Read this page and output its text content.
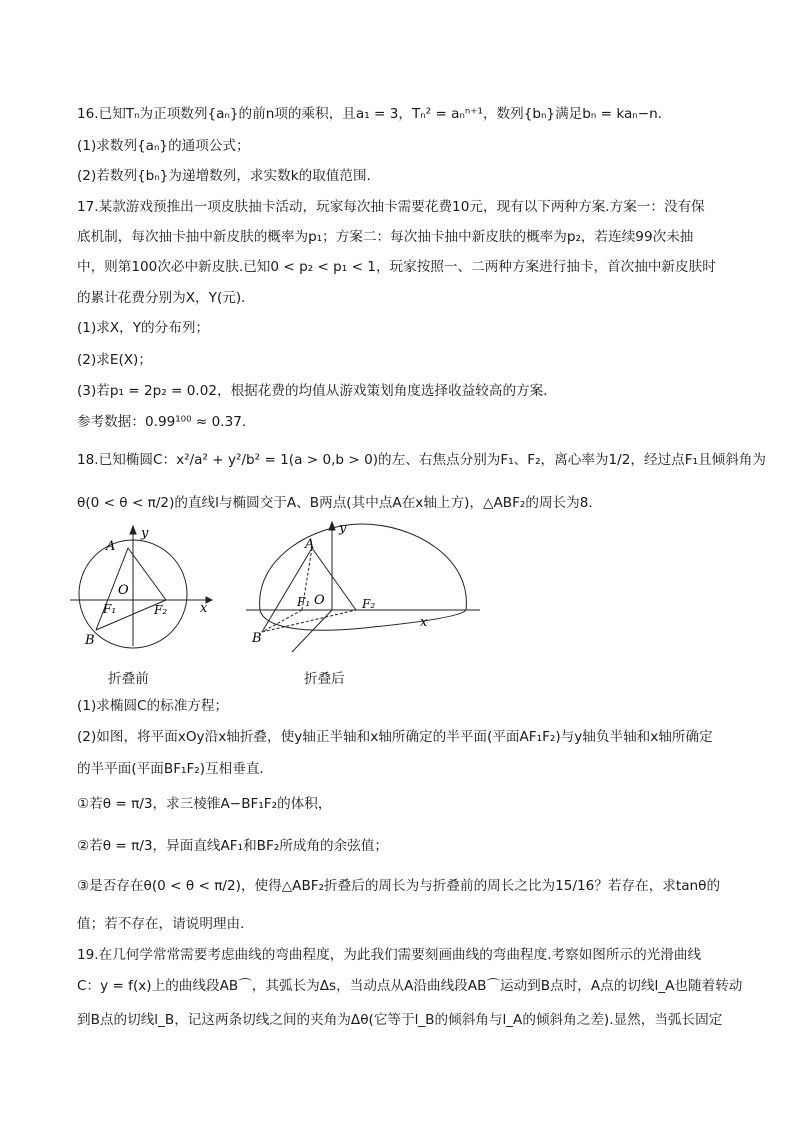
16.已知Tₙ为正项数列{aₙ}的前n项的乘积，且a₁ = 3，Tₙ² = aₙⁿ⁺¹，数列{bₙ}满足bₙ = kaₙ−n．
(1)求数列{aₙ}的通项公式；
(2)若数列{bₙ}为递增数列，求实数k的取值范围．
17.某款游戏预推出一项皮肤抽卡活动，玩家每次抽卡需要花费10元，现有以下两种方案.方案一：没有保
底机制，每次抽卡抽中新皮肤的概率为p₁；方案二：每次抽卡抽中新皮肤的概率为p₂，若连续99次未抽
中，则第100次必中新皮肤.已知0 < p₂ < p₁ < 1，玩家按照一、二两种方案进行抽卡，首次抽中新皮肤时
的累计花费分别为X，Y(元)．
(1)求X，Y的分布列；
(2)求E(X)；
(3)若p₁ = 2p₂ = 0.02，根据花费的均值从游戏策划角度选择收益较高的方案．
参考数据：0.99¹⁰⁰ ≈ 0.37．
18.已知椭圆C：x²/a² + y²/b² = 1(a > 0,b > 0)的左、右焦点分别为F₁、F₂，离心率为1/2，经过点F₁且倾斜角为
θ(0 < θ < π/2)的直线l与椭圆交于A、B两点(其中点A在x轴上方)，△ABF₂的周长为8．
(1)求椭圆C的标准方程；
(2)如图，将平面xOy沿x轴折叠，使y轴正半轴和x轴所确定的半平面(平面AF₁F₂)与y轴负半轴和x轴所确定
的半平面(平面BF₁F₂)互相垂直．
①若θ = π/3，求三棱锥A−BF₁F₂的体积，
②若θ = π/3，异面直线AF₁和BF₂所成角的余弦值；
③是否存在θ(0 < θ < π/2)，使得△ABF₂折叠后的周长为与折叠前的周长之比为15/16？若存在，求tanθ的
值；若不存在，请说明理由．
19.在几何学常常需要考虑曲线的弯曲程度，为此我们需要刻画曲线的弯曲程度.考察如图所示的光滑曲线
C：y = f(x)上的曲线段AB⌒，其弧长为Δs，当动点从A沿曲线段AB⌒运动到B点时，A点的切线l_A也随着转动
到B点的切线l_B，记这两条切线之间的夹角为Δθ(它等于l_B的倾斜角与l_A的倾斜角之差).显然，当弧长固定
A
y
O
F₁	F₂	x
B
折叠前
A
y
O
F₁	F₂
x
B
折叠后
